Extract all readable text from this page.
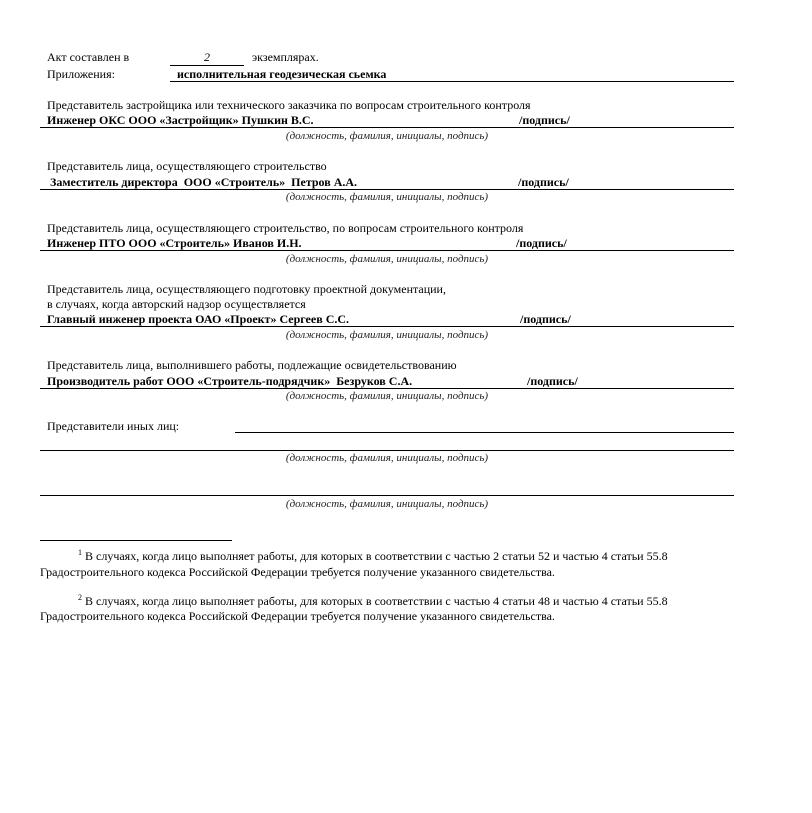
Акт составлен в	2	экземплярах.
Приложения:	исполнительная геодезическая сьемка
Представитель застройщика или технического заказчика по вопросам строительного контроля
Инженер ОКС ООО «Застройщик» Пушкин В.С.	/подпись/
(должность, фамилия, инициалы, подпись)
Представитель лица, осуществляющего строительство
Заместитель директора  ООО «Строитель»  Петров А.А.	/подпись/
(должность, фамилия, инициалы, подпись)
Представитель лица, осуществляющего строительство, по вопросам строительного контроля
Инженер ПТО ООО «Строитель» Иванов И.Н.	/подпись/
(должность, фамилия, инициалы, подпись)
Представитель лица, осуществляющего подготовку проектной документации,
в случаях, когда авторский надзор осуществляется
Главный инженер проекта ОАО «Проект» Сергеев С.С.	/подпись/
(должность, фамилия, инициалы, подпись)
Представитель лица, выполнившего работы, подлежащие освидетельствованию
Производитель работ ООО «Строитель-подрядчик»  Безруков С.А.	/подпись/
(должность, фамилия, инициалы, подпись)
Представители иных лиц:
(должность, фамилия, инициалы, подпись)
(должность, фамилия, инициалы, подпись)
$^1$ В случаях, когда лицо выполняет работы, для которых в соответствии с частью 2 статьи 52 и частью 4 статьи 55.8
Градостроительного кодекса Российской Федерации требуется получение указанного свидетельства.
$^2$ В случаях, когда лицо выполняет работы, для которых в соответствии с частью 4 статьи 48 и частью 4 статьи 55.8
Градостроительного кодекса Российской Федерации требуется получение указанного свидетельства.
